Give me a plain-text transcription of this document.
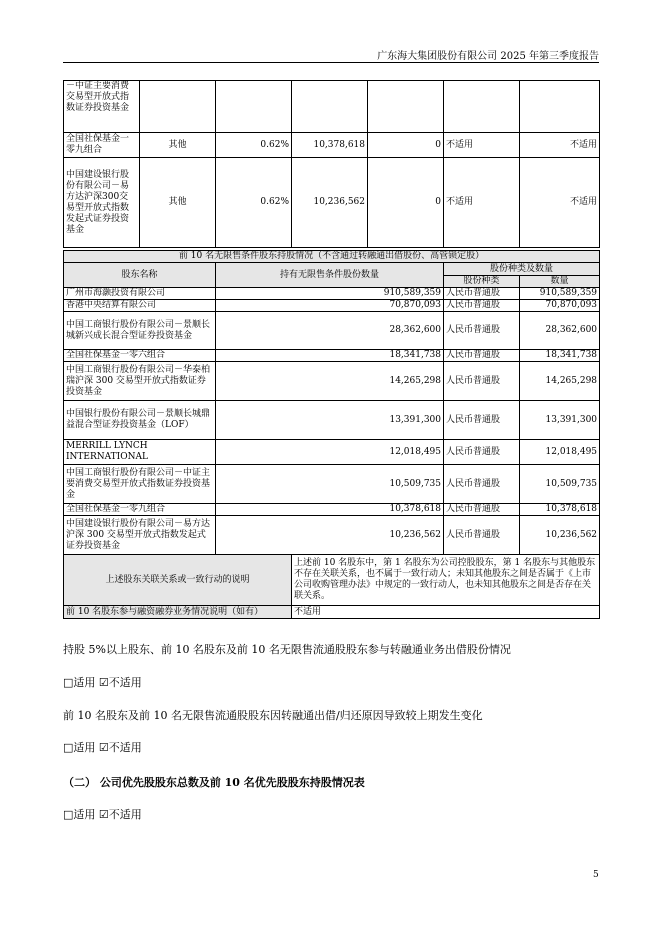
广东海大集团股份有限公司 2025 年第三季度报告
－中证主要消费交易型开放式指数证券投资基金						
全国社保基金一零九组合	其他	0.62%	10,378,618	0	不适用	不适用
中国建设银行股份有限公司－易方达沪深300交易型开放式指数发起式证券投资基金	其他	0.62%	10,236,562	0	不适用	不适用
前 10 名无限售条件股东持股情况（不含通过转融通出借股份、高管锁定股）				
股东名称	持有无限售条件股份数量		股份种类及数量	
			股份种类	数量
广州市海灏投资有限公司	910,589,359		人民币普通股	910,589,359
香港中央结算有限公司	70,870,093		人民币普通股	70,870,093
中国工商银行股份有限公司－景顺长城新兴成长混合型证券投资基金	28,362,600		人民币普通股	28,362,600
全国社保基金一零六组合	18,341,738		人民币普通股	18,341,738
中国工商银行股份有限公司－华泰柏瑞沪深 300 交易型开放式指数证券投资基金	14,265,298		人民币普通股	14,265,298
中国银行股份有限公司－景顺长城鼎益混合型证券投资基金（LOF）	13,391,300		人民币普通股	13,391,300
MERRILL LYNCH INTERNATIONAL	12,018,495		人民币普通股	12,018,495
中国工商银行股份有限公司－中证主要消费交易型开放式指数证券投资基金	10,509,735		人民币普通股	10,509,735
全国社保基金一零九组合	10,378,618		人民币普通股	10,378,618
中国建设银行股份有限公司－易方达沪深 300 交易型开放式指数发起式证券投资基金	10,236,562		人民币普通股	10,236,562
上述股东关联关系或一致行动的说明		上述前 10 名股东中，第 1 名股东为公司控股股东，第 1 名股东与其他股东不存在关联关系，也不属于一致行动人；未知其他股东之间是否属于《上市公司收购管理办法》中规定的一致行动人，也未知其他股东之间是否存在关联关系。		
前 10 名股东参与融资融券业务情况说明（如有）		不适用		
持股 5%以上股东、前 10 名股东及前 10 名无限售流通股股东参与转融通业务出借股份情况
□适用 ☑不适用
前 10 名股东及前 10 名无限售流通股股东因转融通出借/归还原因导致较上期发生变化
□适用 ☑不适用
（二） 公司优先股股东总数及前 10 名优先股股东持股情况表
□适用 ☑不适用
5
